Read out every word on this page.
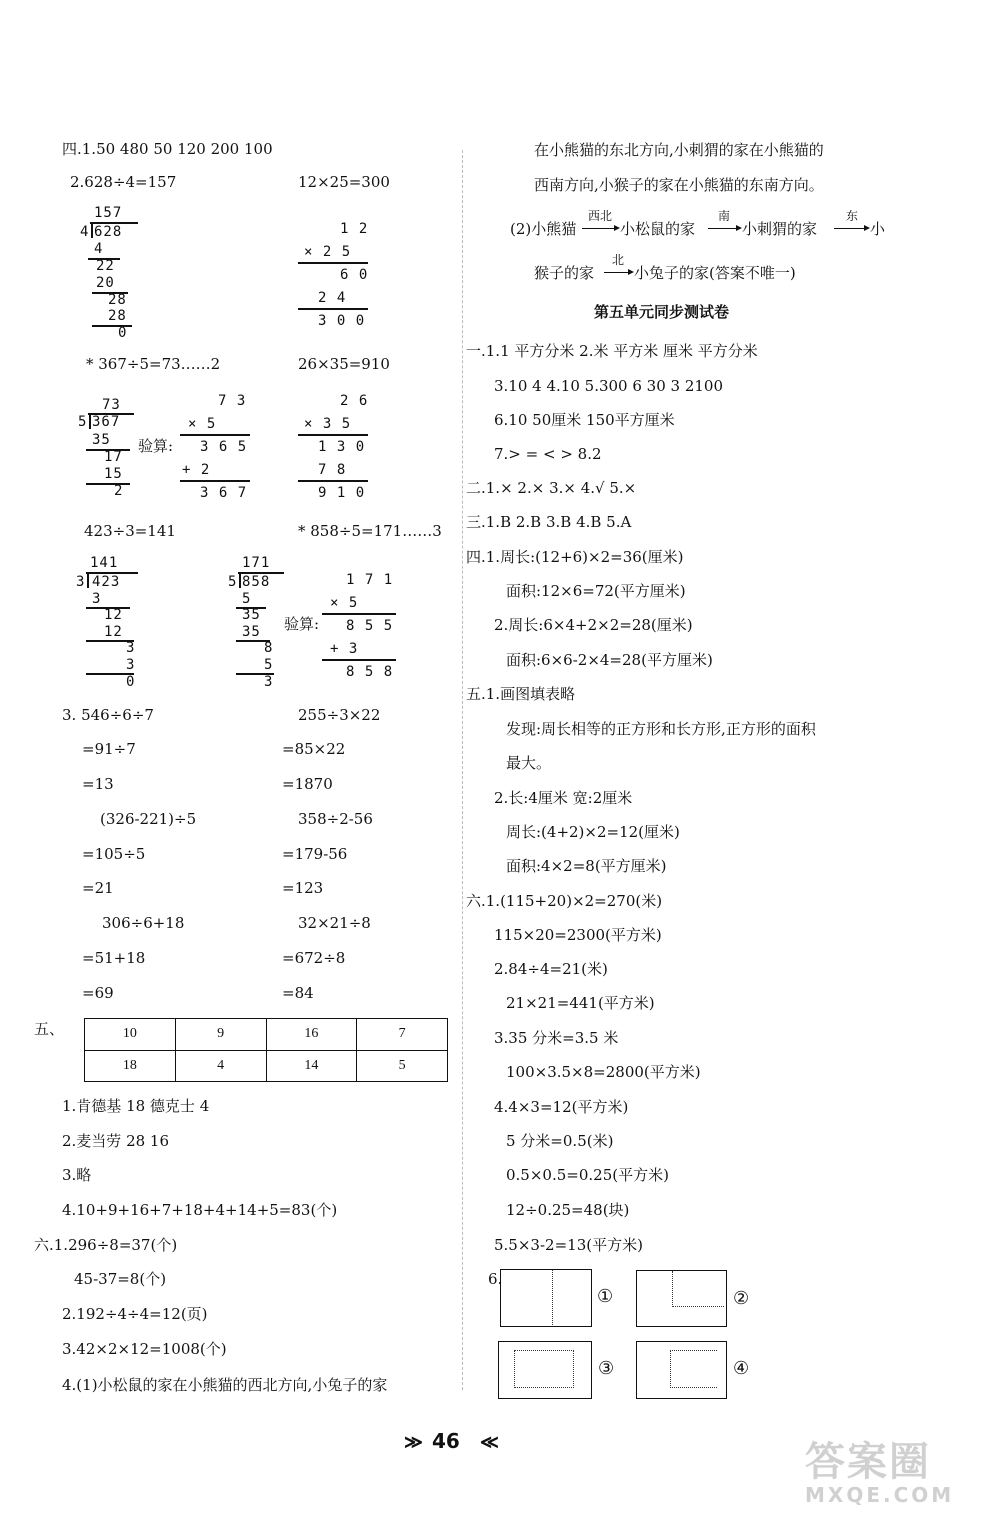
四.1.50 480 50 120 200 100
2.628÷4=157	12×25=300
157
4 628
4
22
20
28
28
0
1 2
× 2 5
6 0
2 4
3 0 0
* 367÷5=73……2	26×35=910
73
5 367
35
17
15
2
验算:
7 3
× 5
3 6 5
+ 2
3 6 7
2 6
× 3 5
1 3 0
7 8
9 1 0
423÷3=141	* 858÷5=171……3
141
3 423
3
12
12
3
3
0
171
5 858
5
35
35
8
5
3
验算:
1 7 1
× 5
8 5 5
+ 3
8 5 8
3. 546÷6÷7	255÷3×22
=91÷7	=85×22
=13	=1870
(326-221)÷5	358÷2-56
=105÷5	=179-56
=21	=123
306÷6+18	32×21÷8
=51+18	=672÷8
=69	=84
五、	10	9	16	7
18	4	14	5
1.肯德基 18 德克士 4
2.麦当劳 28 16
3.略
4.10+9+16+7+18+4+14+5=83(个)
六.1.296÷8=37(个)
45-37=8(个)
2.192÷4÷4=12(页)
3.42×2×12=1008(个)
4.(1)小松鼠的家在小熊猫的西北方向,小兔子的家
在小熊猫的东北方向,小刺猬的家在小熊猫的
西南方向,小猴子的家在小熊猫的东南方向。
(2)小熊猫
西北
小松鼠的家
南
小刺猬的家
东
小
猴子的家
北
小兔子的家(答案不唯一)
第五单元同步测试卷
一.1.1 平方分米 2.米 平方米 厘米 平方分米
3.10 4 4.10 5.300 6 30 3 2100
6.10 50厘米 150平方厘米
7.> = < > 8.2
二.1.× 2.× 3.× 4.√ 5.×
三.1.B 2.B 3.B 4.B 5.A
四.1.周长:(12+6)×2=36(厘米)
面积:12×6=72(平方厘米)
2.周长:6×4+2×2=28(厘米)
面积:6×6-2×4=28(平方厘米)
五.1.画图填表略
发现:周长相等的正方形和长方形,正方形的面积
最大。
2.长:4厘米 宽:2厘米
周长:(4+2)×2=12(厘米)
面积:4×2=8(平方厘米)
六.1.(115+20)×2=270(米)
115×20=2300(平方米)
2.84÷4=21(米)
21×21=441(平方米)
3.35 分米=3.5 米
100×3.5×8=2800(平方米)
4.4×3=12(平方米)
5 分米=0.5(米)
0.5×0.5=0.25(平方米)
12÷0.25=48(块)
5.5×3-2=13(平方米)
6.
①	②
③	④
≫ 46 ≪	答案圈
MXQE.COM
